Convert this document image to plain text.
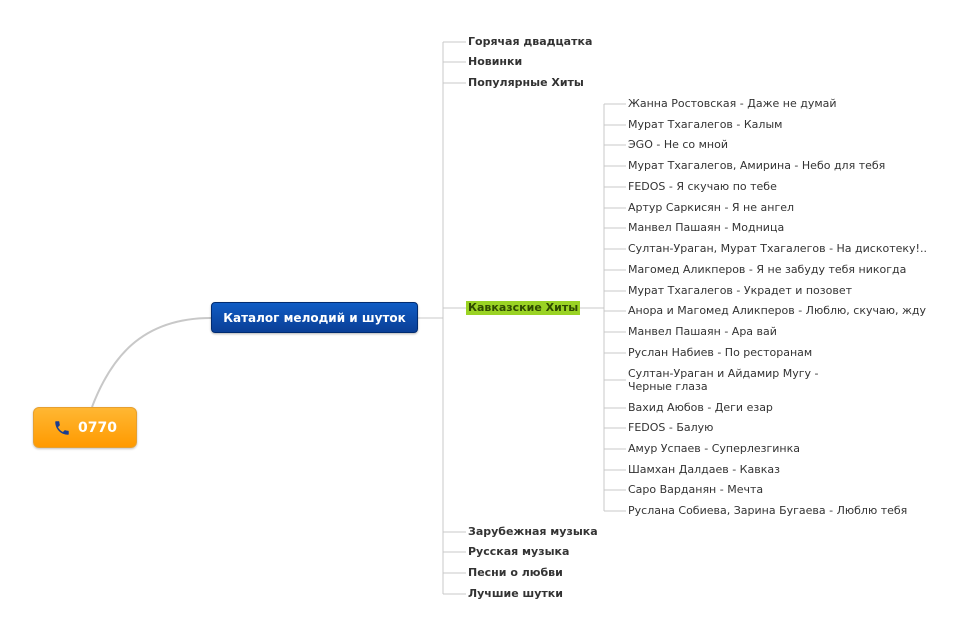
0770
Каталог мелодий и шуток
Горячая двадцатка
Новинки
Популярные Хиты
Кавказские Хиты
Зарубежная музыка
Русская музыка
Песни о любви
Лучшие шутки
Жанна Ростовская - Даже не думай
Мурат Тхагалегов - Калым
ЭGO - Не со мной
Мурат Тхагалегов, Амирина - Небо для тебя
FEDOS - Я скучаю по тебе
Артур Саркисян - Я не ангел
Манвел Пашаян - Модница
Султан-Ураган, Мурат Тхагалегов - На дискотеку!..
Магомед Аликперов - Я не забуду тебя никогда
Мурат Тхагалегов - Украдет и позовет
Анора и Магомед Аликперов - Люблю, скучаю, жду
Манвел Пашаян - Ара вай
Руслан Набиев - По ресторанам
Султан-Ураган и Айдамир Мугу -
Черные глаза
Вахид Аюбов - Деги езар
FEDOS - Балую
Амур Успаев - Суперлезгинка
Шамхан Далдаев - Кавказ
Саро Варданян - Мечта
Руслана Собиева, Зарина Бугаева - Люблю тебя
